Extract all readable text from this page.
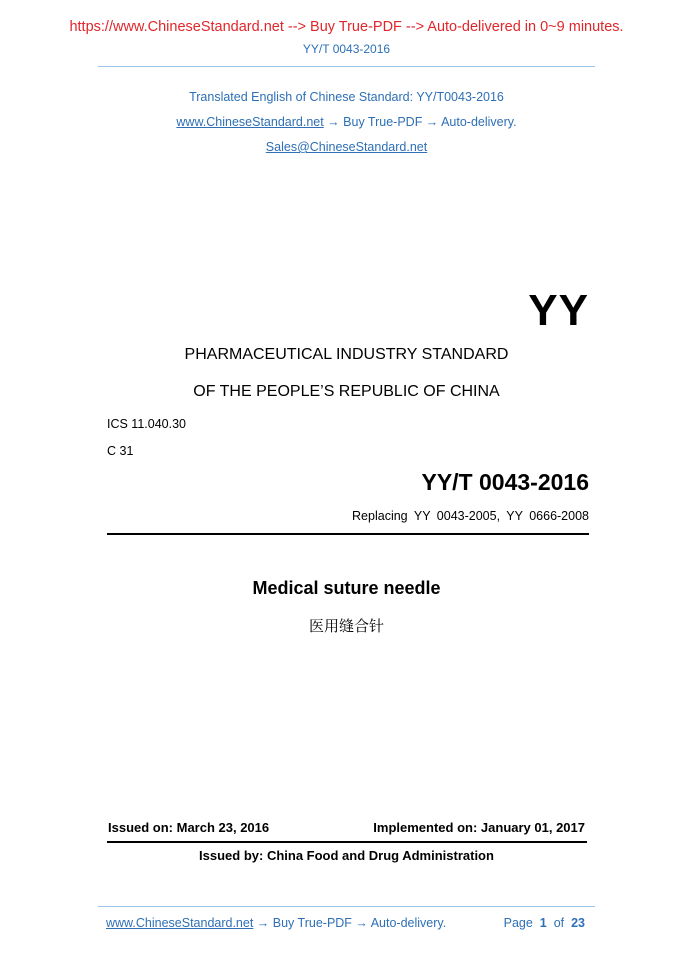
https://www.ChineseStandard.net --> Buy True-PDF --> Auto-delivered in 0~9 minutes.
YY/T 0043-2016
Translated English of Chinese Standard: YY/T0043-2016
www.ChineseStandard.net → Buy True-PDF → Auto-delivery.
Sales@ChineseStandard.net
YY
PHARMACEUTICAL INDUSTRY STANDARD
OF THE PEOPLE’S REPUBLIC OF CHINA
ICS 11.040.30
C 31
YY/T 0043-2016
Replacing YY 0043-2005, YY 0666-2008
Medical suture needle
医用缝合针
Issued on: March 23, 2016	Implemented on: January 01, 2017
Issued by: China Food and Drug Administration
www.ChineseStandard.net → Buy True-PDF → Auto-delivery.	Page 1 of 23
